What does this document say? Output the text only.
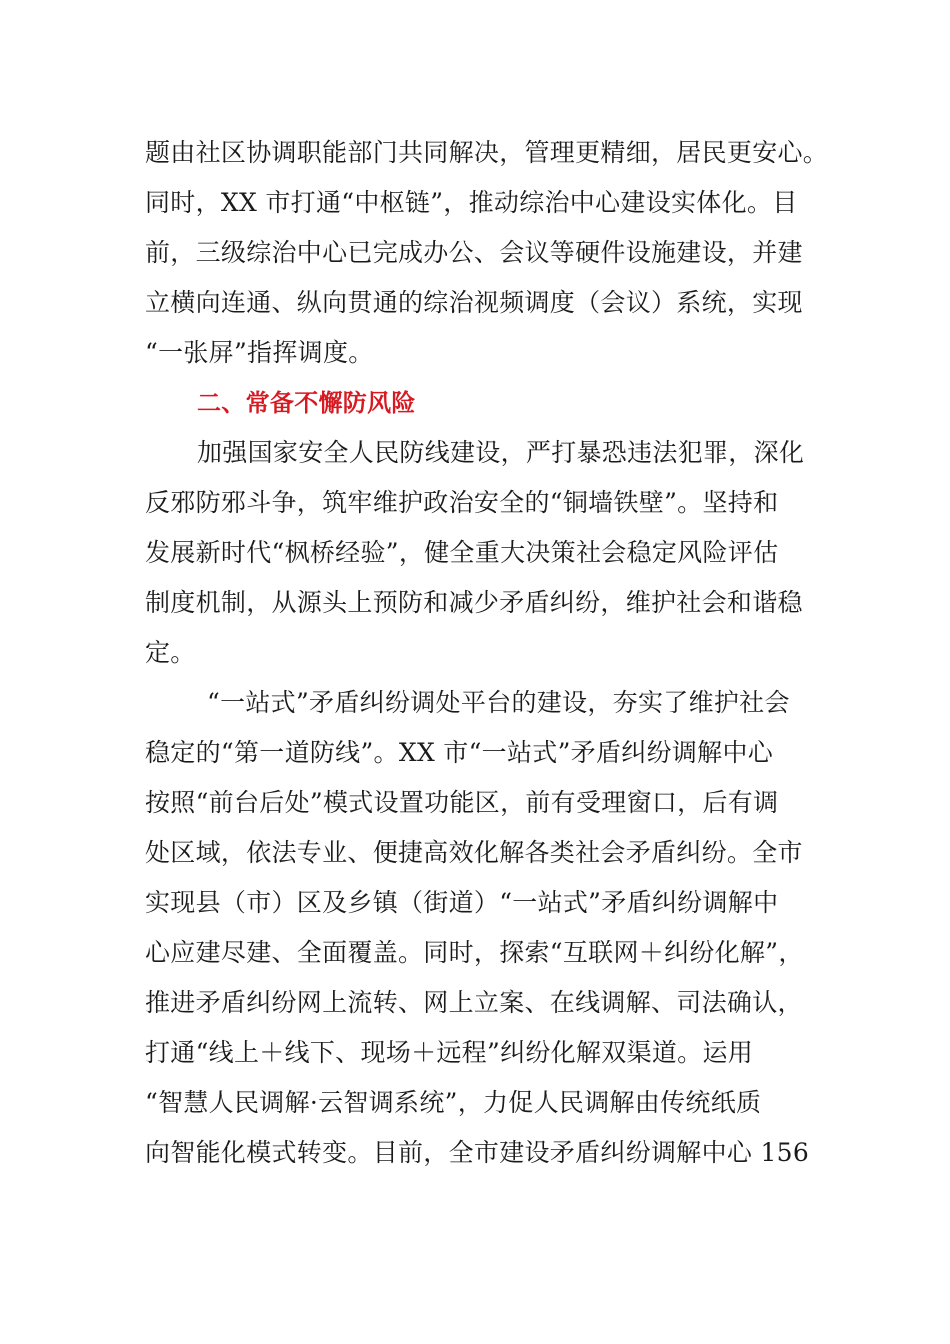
题由社区协调职能部门共同解决，管理更精细，居民更安心。
同时，XX 市打通“中枢链”，推动综治中心建设实体化。目
前，三级综治中心已完成办公、会议等硬件设施建设，并建
立横向连通、纵向贯通的综治视频调度（会议）系统，实现
“一张屏”指挥调度。
二、常备不懈防风险
加强国家安全人民防线建设，严打暴恐违法犯罪，深化
反邪防邪斗争，筑牢维护政治安全的“铜墙铁壁”。坚持和
发展新时代“枫桥经验”，健全重大决策社会稳定风险评估
制度机制，从源头上预防和减少矛盾纠纷，维护社会和谐稳
定。
“一站式”矛盾纠纷调处平台的建设，夯实了维护社会
稳定的“第一道防线”。XX 市“一站式”矛盾纠纷调解中心
按照“前台后处”模式设置功能区，前有受理窗口，后有调
处区域，依法专业、便捷高效化解各类社会矛盾纠纷。全市
实现县（市）区及乡镇（街道）“一站式”矛盾纠纷调解中
心应建尽建、全面覆盖。同时，探索“互联网＋纠纷化解”，
推进矛盾纠纷网上流转、网上立案、在线调解、司法确认，
打通“线上＋线下、现场＋远程”纠纷化解双渠道。运用
“智慧人民调解·云智调系统”，力促人民调解由传统纸质
向智能化模式转变。目前，全市建设矛盾纠纷调解中心 156
